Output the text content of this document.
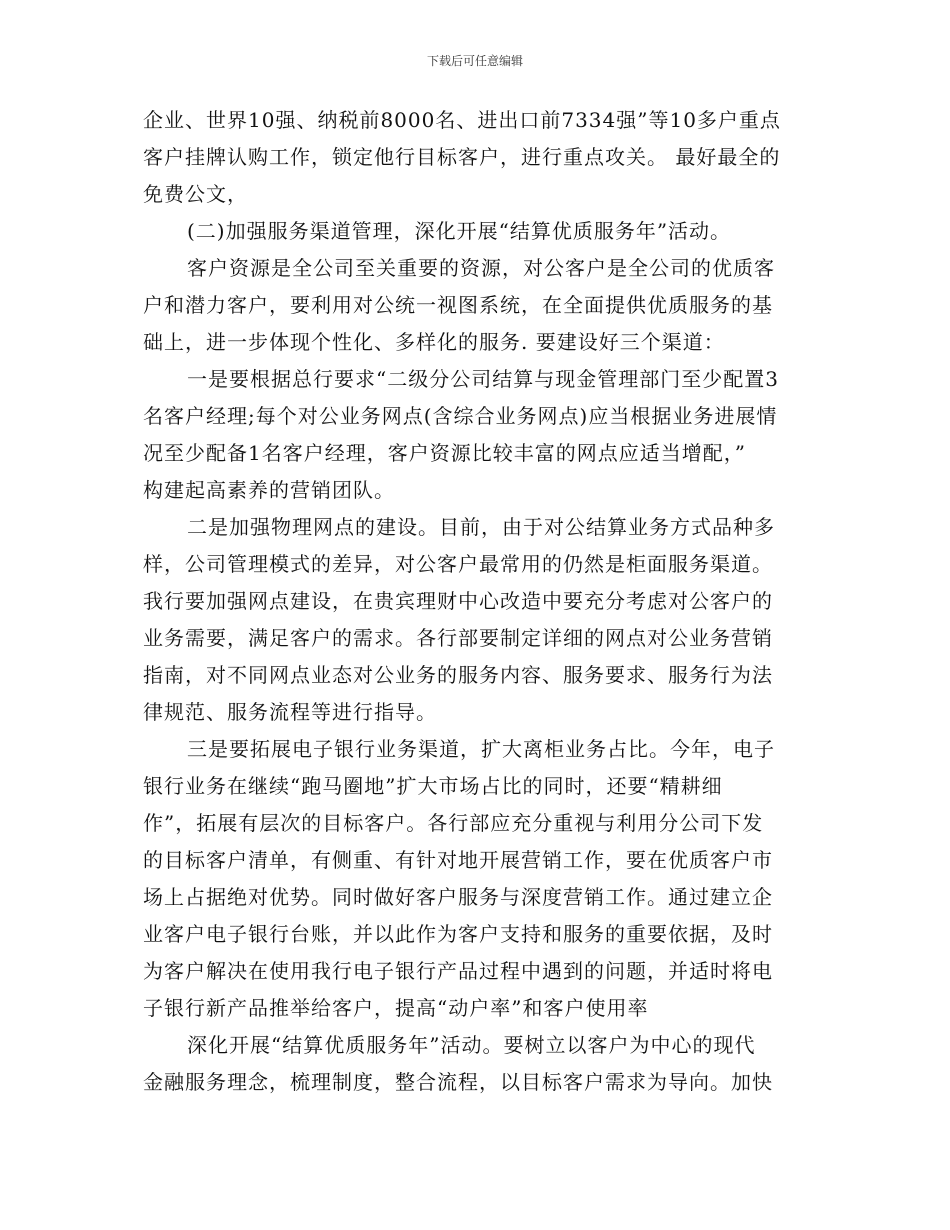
下载后可任意编辑
企业、世界10强、纳税前8000名、进出口前7334强”等10多户重点
客户挂牌认购工作，锁定他行目标客户，进行重点攻关。 最好最全的
免费公文，
(二)加强服务渠道管理，深化开展“结算优质服务年”活动。
客户资源是全公司至关重要的资源，对公客户是全公司的优质客
户和潜力客户，要利用对公统一视图系统，在全面提供优质服务的基
础上，进一步体现个性化、多样化的服务. 要建设好三个渠道：
一是要根据总行要求“二级分公司结算与现金管理部门至少配置3
名客户经理;每个对公业务网点(含综合业务网点)应当根据业务进展情
况至少配备1名客户经理，客户资源比较丰富的网点应适当增配，”
构建起高素养的营销团队。
二是加强物理网点的建设。目前，由于对公结算业务方式品种多
样，公司管理模式的差异，对公客户最常用的仍然是柜面服务渠道。
我行要加强网点建设，在贵宾理财中心改造中要充分考虑对公客户的
业务需要，满足客户的需求。各行部要制定详细的网点对公业务营销
指南，对不同网点业态对公业务的服务内容、服务要求、服务行为法
律规范、服务流程等进行指导。
三是要拓展电子银行业务渠道，扩大离柜业务占比。今年，电子
银行业务在继续“跑马圈地”扩大市场占比的同时，还要“精耕细
作”，拓展有层次的目标客户。各行部应充分重视与利用分公司下发
的目标客户清单，有侧重、有针对地开展营销工作，要在优质客户市
场上占据绝对优势。同时做好客户服务与深度营销工作。通过建立企
业客户电子银行台账，并以此作为客户支持和服务的重要依据，及时
为客户解决在使用我行电子银行产品过程中遇到的问题，并适时将电
子银行新产品推举给客户，提高“动户率”和客户使用率
深化开展“结算优质服务年”活动。要树立以客户为中心的现代
金融服务理念，梳理制度，整合流程，以目标客户需求为导向。加快
